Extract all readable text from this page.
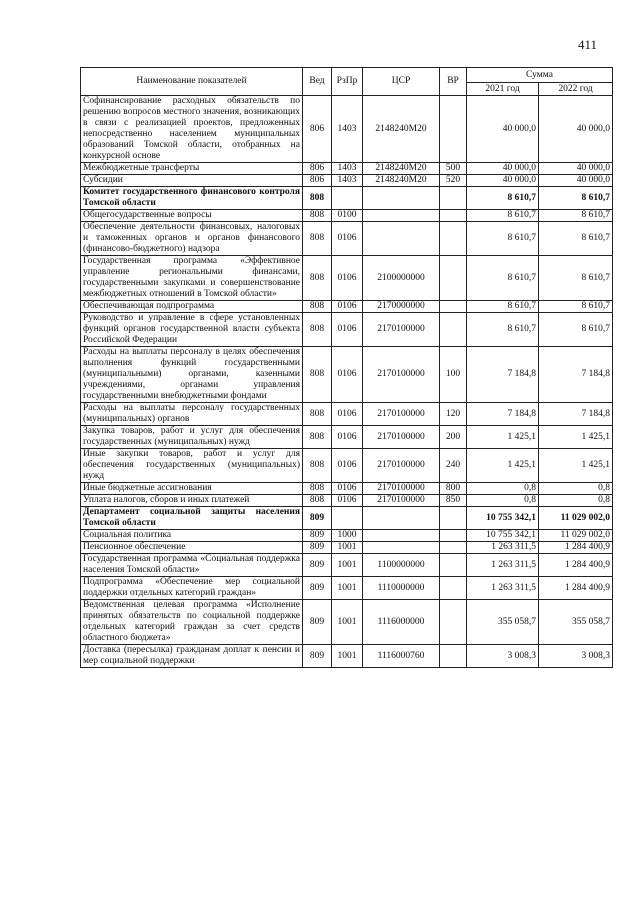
411
Наименование показателей	Вед	РзПр	ЦСР	ВР	Сумма	
					2021 год	2022 год
Софинансирование расходных обязательств по решению вопросов местного значения, возникающих в связи с реализацией проектов, предложенных непосредственно населением муниципальных образований Томской области, отобранных на конкурсной основе	806	1403	2148240М20		40 000,0	40 000,0
Межбюджетные трансферты	806	1403	2148240М20	500	40 000,0	40 000,0
Субсидии	806	1403	2148240М20	520	40 000,0	40 000,0
Комитет государственного финансового контроля Томской области	808				8 610,7	8 610,7
Общегосударственные вопросы	808	0100			8 610,7	8 610,7
Обеспечение деятельности финансовых, налоговых и таможенных органов и органов финансового (финансово-бюджетного) надзора	808	0106			8 610,7	8 610,7
Государственная программа «Эффективное управление региональными финансами, государственными закупками и совершенствование межбюджетных отношений в Томской области»	808	0106	2100000000		8 610,7	8 610,7
Обеспечивающая подпрограмма	808	0106	2170000000		8 610,7	8 610,7
Руководство и управление в сфере установленных функций органов государственной власти субъекта Российской Федерации	808	0106	2170100000		8 610,7	8 610,7
Расходы на выплаты персоналу в целях обеспечения выполнения функций государственными (муниципальными) органами, казенными учреждениями, органами управления государственными внебюджетными фондами	808	0106	2170100000	100	7 184,8	7 184,8
Расходы на выплаты персоналу государственных (муниципальных) органов	808	0106	2170100000	120	7 184,8	7 184,8
Закупка товаров, работ и услуг для обеспечения государственных (муниципальных) нужд	808	0106	2170100000	200	1 425,1	1 425,1
Иные закупки товаров, работ и услуг для обеспечения государственных (муниципальных) нужд	808	0106	2170100000	240	1 425,1	1 425,1
Иные бюджетные ассигнования	808	0106	2170100000	800	0,8	0,8
Уплата налогов, сборов и иных платежей	808	0106	2170100000	850	0,8	0,8
Департамент социальной защиты населения Томской области	809				10 755 342,1	11 029 002,0
Социальная политика	809	1000			10 755 342,1	11 029 002,0
Пенсионное обеспечение	809	1001			1 263 311,5	1 284 400,9
Государственная программа «Социальная поддержка населения Томской области»	809	1001	1100000000		1 263 311,5	1 284 400,9
Подпрограмма «Обеспечение мер социальной поддержки отдельных категорий граждан»	809	1001	1110000000		1 263 311,5	1 284 400,9
Ведомственная целевая программа «Исполнение принятых обязательств по социальной поддержке отдельных категорий граждан за счет средств областного бюджета»	809	1001	1116000000		355 058,7	355 058,7
Доставка (пересылка) гражданам доплат к пенсии и мер социальной поддержки	809	1001	1116000760		3 008,3	3 008,3
